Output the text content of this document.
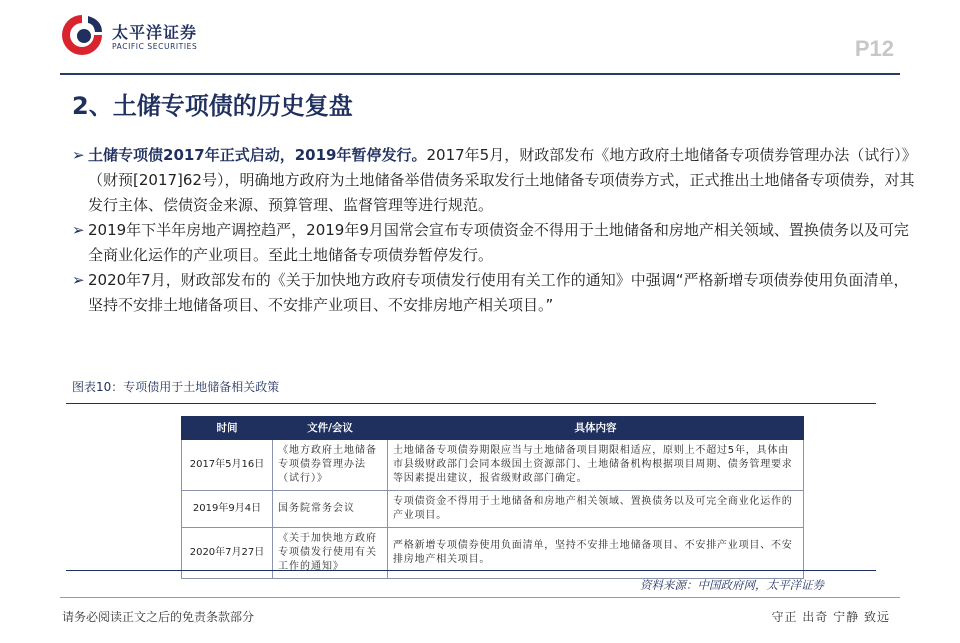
太平洋证券
PACIFIC SECURITIES	P12
2、土储专项债的历史复盘

➢ 土储专项债2017年正式启动，2019年暂停发行。2017年5月，财政部发布《地方政府土地储备专项债券管理办法（试行）》（财预[2017]62号），明确地方政府为土地储备举借债务采取发行土地储备专项债券方式，正式推出土地储备专项债券，对其发行主体、偿债资金来源、预算管理、监督管理等进行规范。

➢ 2019年下半年房地产调控趋严，2019年9月国常会宣布专项债资金不得用于土地储备和房地产相关领域、置换债务以及可完全商业化运作的产业项目。至此土地储备专项债券暂停发行。

➢ 2020年7月，财政部发布的《关于加快地方政府专项债发行使用有关工作的通知》中强调“严格新增专项债券使用负面清单，坚持不安排土地储备项目、不安排产业项目、不安排房地产相关项目。”

图表10：专项债用于土地储备相关政策
时间	文件/会议	具体内容
2017年5月16日	《地方政府土地储备专项债券管理办法（试行）》	土地储备专项债券期限应当与土地储备项目期限相适应，原则上不超过5年，具体由市县级财政部门会同本级国土资源部门、土地储备机构根据项目周期、债务管理要求等因素提出建议，报省级财政部门确定。
2019年9月4日	国务院常务会议	专项债资金不得用于土地储备和房地产相关领域、置换债务以及可完全商业化运作的产业项目。
2020年7月27日	《关于加快地方政府专项债发行使用有关工作的通知》	严格新增专项债券使用负面清单，坚持不安排土地储备项目、不安排产业项目、不安排房地产相关项目。
资料来源：中国政府网，太平洋证券
请务必阅读正文之后的免责条款部分	守正 出奇 宁静 致远
